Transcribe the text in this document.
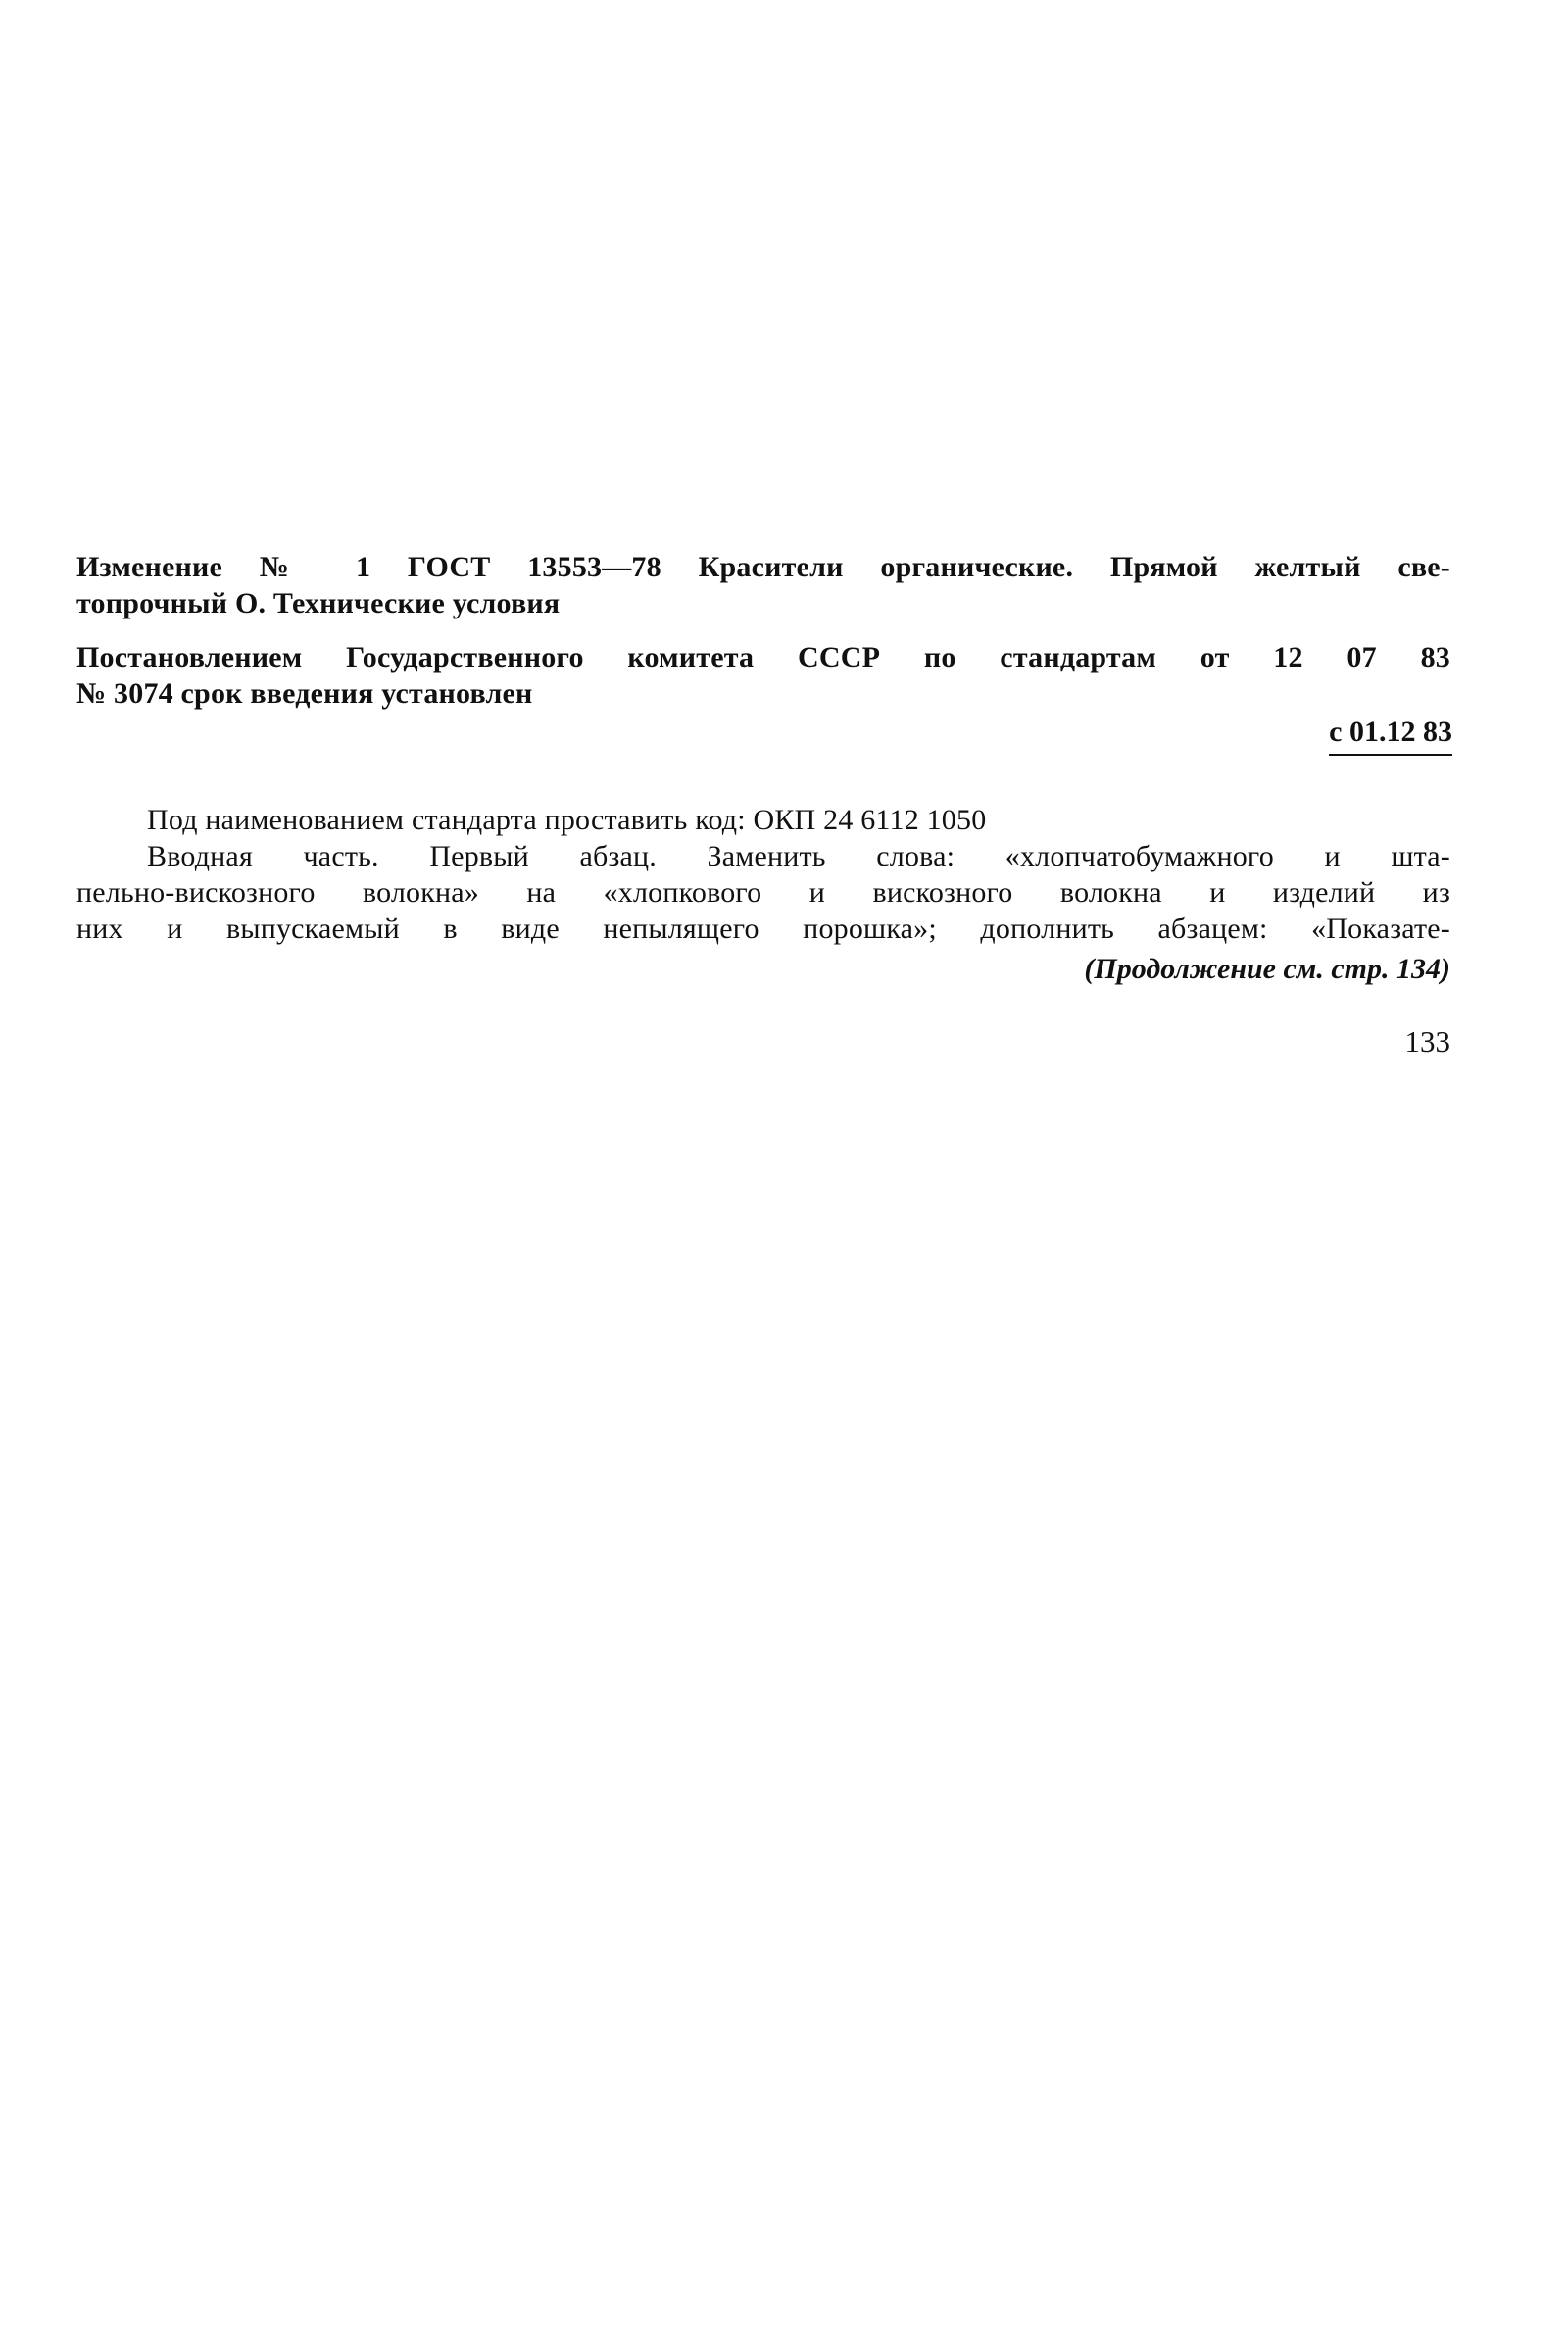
Изменение № 1 ГОСТ 13553—78 Красители органические. Прямой желтый све-
топрочный О. Технические условия
Постановлением Государственного комитета СССР по стандартам от 12 07 83
№ 3074 срок введения установлен
с 01.12 83
Под наименованием стандарта проставить код: ОКП 24 6112 1050
Вводная часть. Первый абзац. Заменить слова: «хлопчатобумажного и шта-
пельно-вискозного волокна» на «хлопкового и вискозного волокна и изделий из
них и выпускаемый в виде непылящего порошка»; дополнить абзацем: «Показате-
(Продолжение см. стр. 134)
133
